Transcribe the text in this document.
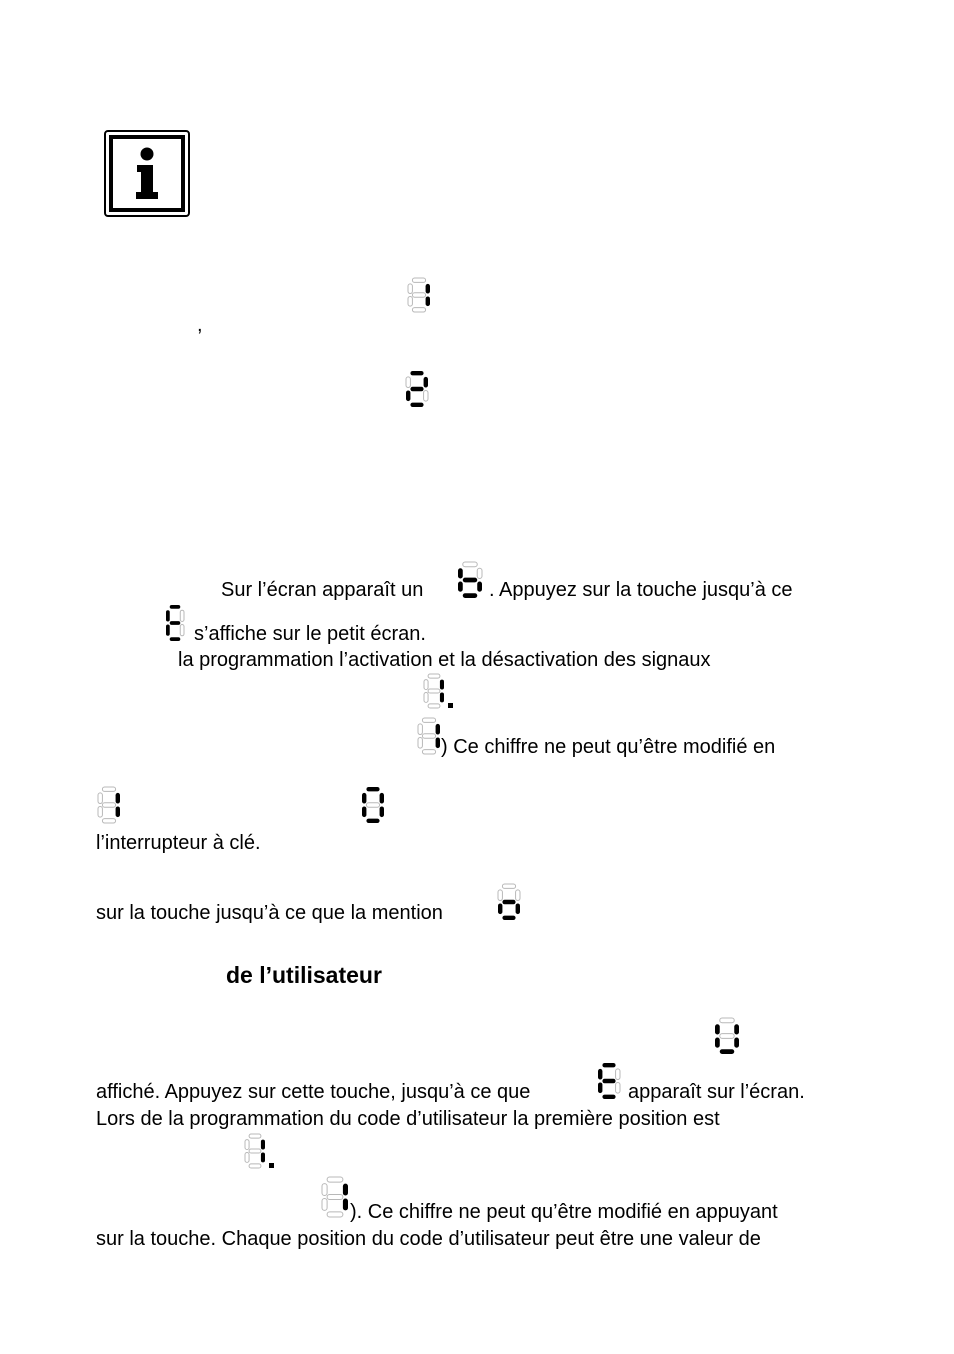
,
Sur l’écran apparaît un	. Appuyez sur la touche jusqu’à ce
s’affiche sur le petit écran.
la programmation l’activation et la désactivation des signaux
) Ce chiffre ne peut qu’être modifié en
l’interrupteur à clé.
sur la touche jusqu’à ce que la mention
de l’utilisateur
affiché. Appuyez sur cette touche, jusqu’à ce que	apparaît sur l’écran.
Lors de la programmation du code d’utilisateur la première position est
). Ce chiffre ne peut qu’être modifié en appuyant
sur la touche. Chaque position du code d’utilisateur peut être une valeur de
